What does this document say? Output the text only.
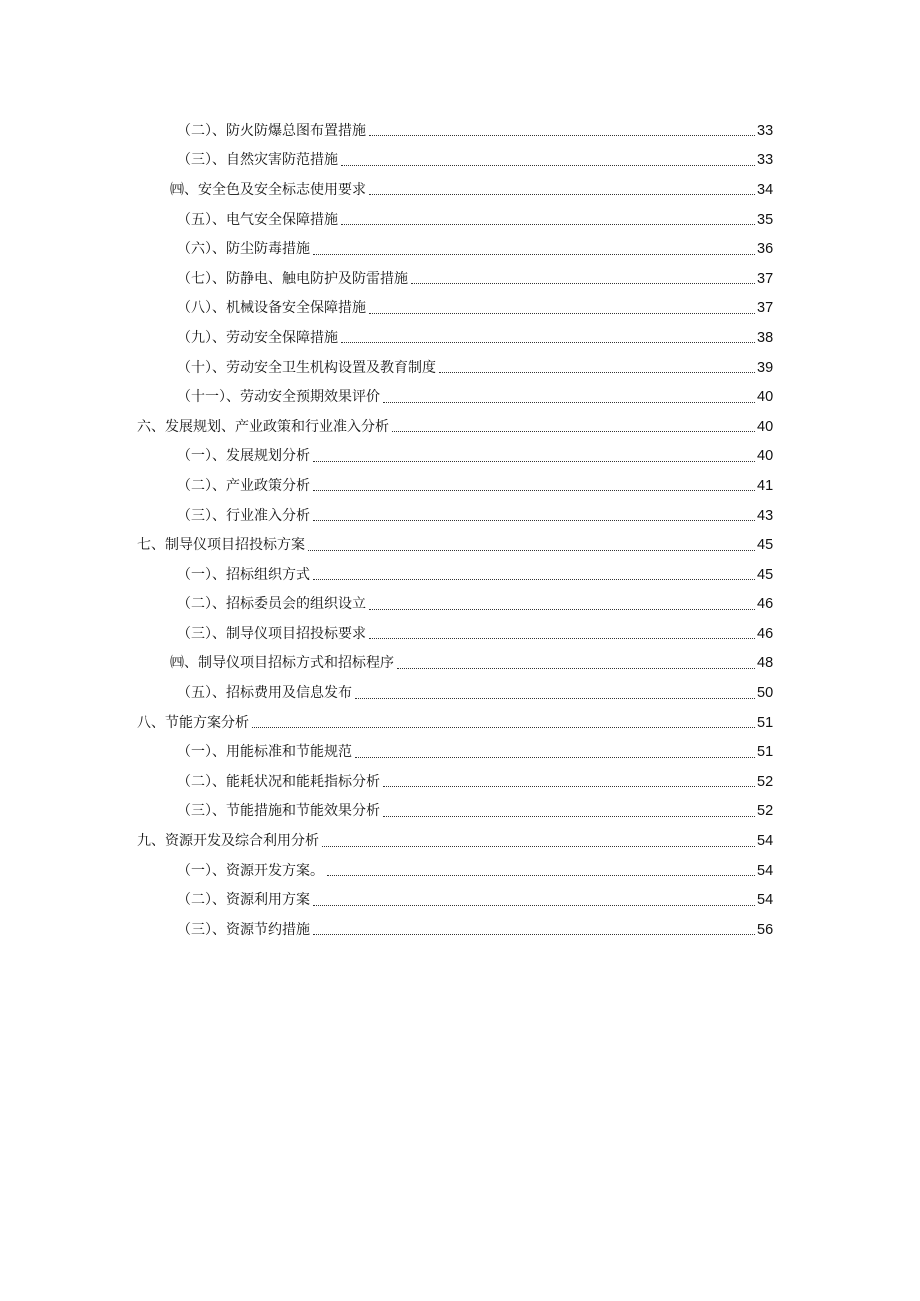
（二）、防火防爆总图布置措施	33
（三）、自然灾害防范措施	33
㈣、安全色及安全标志使用要求	34
（五）、电气安全保障措施	35
（六）、防尘防毒措施	36
（七）、防静电、触电防护及防雷措施	37
（八）、机械设备安全保障措施	37
（九）、劳动安全保障措施	38
（十）、劳动安全卫生机构设置及教育制度	39
（十一）、劳动安全预期效果评价	40
六、发展规划、产业政策和行业准入分析	40
（一）、发展规划分析	40
（二）、产业政策分析	41
（三）、行业准入分析	43
七、制导仪项目招投标方案	45
（一）、招标组织方式	45
（二）、招标委员会的组织设立	46
（三）、制导仪项目招投标要求	46
㈣、制导仪项目招标方式和招标程序	48
（五）、招标费用及信息发布	50
八、节能方案分析	51
（一）、用能标准和节能规范	51
（二）、能耗状况和能耗指标分析	52
（三）、节能措施和节能效果分析	52
九、资源开发及综合利用分析	54
（一）、资源开发方案。	54
（二）、资源利用方案	54
（三）、资源节约措施	56
